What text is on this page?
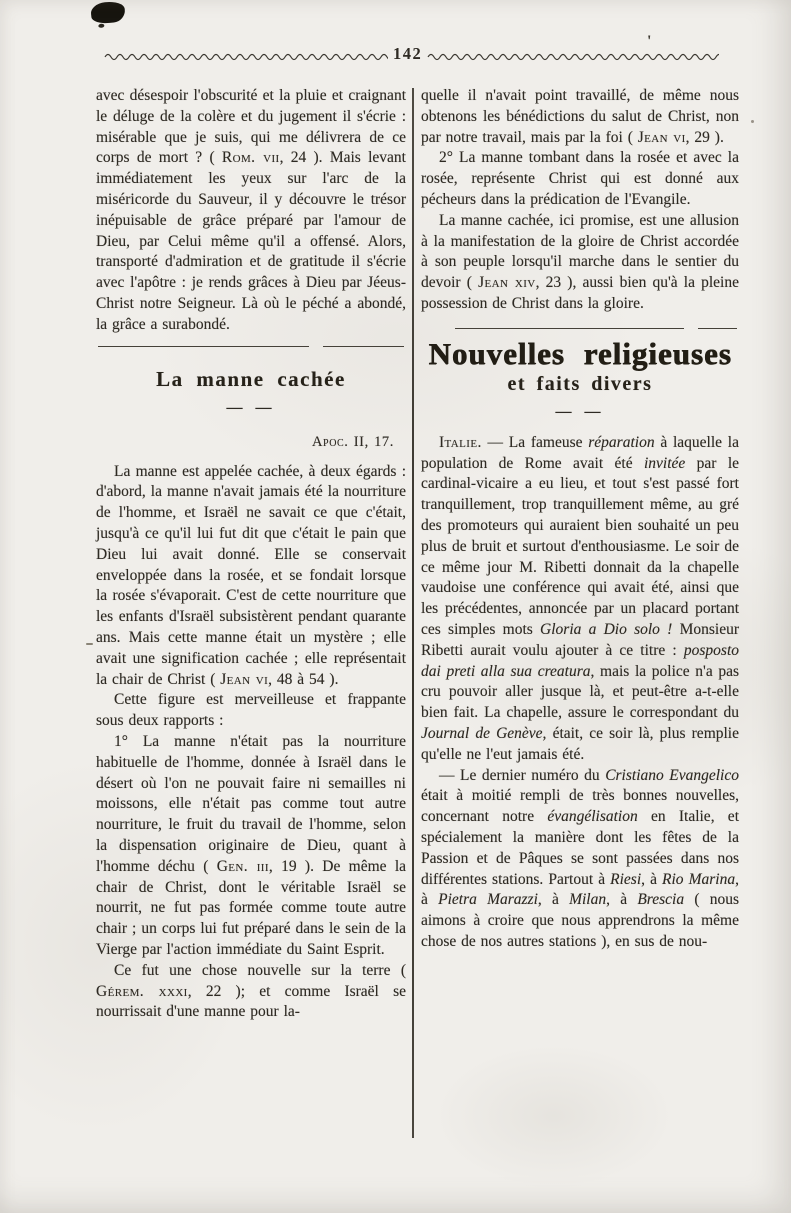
142
'

avec désespoir l'obscurité et la pluie et craignant le déluge de la colère et du jugement il s'écrie : misérable que je suis, qui me délivrera de ce corps de mort ? ( Rom. vii, 24 ). Mais levant immédiatement les yeux sur l'arc de la miséricorde du Sauveur, il y découvre le trésor inépuisable de grâce préparé par l'amour de Dieu, par Celui même qu'il a offensé. Alors, transporté d'admiration et de gratitude il s'écrie avec l'apôtre : je rends grâces à Dieu par Jéeus-Christ notre Seigneur. Là où le péché a abondé, la grâce a surabondé.

La manne cachée
— —
Apoc. II, 17.

La manne est appelée cachée, à deux égards : d'abord, la manne n'avait jamais été la nourriture de l'homme, et Israël ne savait ce que c'était, jusqu'à ce qu'il lui fut dit que c'était le pain que Dieu lui avait donné. Elle se conservait enveloppée dans la rosée, et se fondait lorsque la rosée s'évaporait. C'est de cette nourriture que les enfants d'Israël subsistèrent pendant quarante ans. Mais cette manne était un mystère ; elle avait une signification cachée ; elle représentait la chair de Christ ( Jean vi, 48 à 54 ).

Cette figure est merveilleuse et frappante sous deux rapports :

1° La manne n'était pas la nourriture habituelle de l'homme, donnée à Israël dans le désert où l'on ne pouvait faire ni semailles ni moissons, elle n'était pas comme tout autre nourriture, le fruit du travail de l'homme, selon la dispensation originaire de Dieu, quant à l'homme déchu ( Gen. iii, 19 ). De même la chair de Christ, dont le véritable Israël se nourrit, ne fut pas formée comme toute autre chair ; un corps lui fut préparé dans le sein de la Vierge par l'action immédiate du Saint Esprit.

Ce fut une chose nouvelle sur la terre ( Gérem. xxxi, 22 ); et comme Israël se nourrissait d'une manne pour la-

quelle il n'avait point travaillé, de même nous obtenons les bénédictions du salut de Christ, non par notre travail, mais par la foi ( Jean vi, 29 ).

2° La manne tombant dans la rosée et avec la rosée, représente Christ qui est donné aux pécheurs dans la prédication de l'Evangile.

La manne cachée, ici promise, est une allusion à la manifestation de la gloire de Christ accordée à son peuple lorsqu'il marche dans le sentier du devoir ( Jean xiv, 23 ), aussi bien qu'à la pleine possession de Christ dans la gloire.

Nouvelles religieuses
et faits divers
— —

Italie. — La fameuse réparation à laquelle la population de Rome avait été invitée par le cardinal-vicaire a eu lieu, et tout s'est passé fort tranquillement, trop tranquillement même, au gré des promoteurs qui auraient bien souhaité un peu plus de bruit et surtout d'enthousiasme. Le soir de ce même jour M. Ribetti donnait da la chapelle vaudoise une conférence qui avait été, ainsi que les précédentes, annoncée par un placard portant ces simples mots Gloria a Dio solo ! Monsieur Ribetti aurait voulu ajouter à ce titre : posposto dai preti alla sua creatura, mais la police n'a pas cru pouvoir aller jusque là, et peut-être a-t-elle bien fait. La chapelle, assure le correspondant du Journal de Genève, était, ce soir là, plus remplie qu'elle ne l'eut jamais été.

— Le dernier numéro du Cristiano Evangelico était à moitié rempli de très bonnes nouvelles, concernant notre évangélisation en Italie, et spécialement la manière dont les fêtes de la Passion et de Pâques se sont passées dans nos différentes stations. Partout à Riesi, à Rio Marina, à Pietra Marazzi, à Milan, à Brescia ( nous aimons à croire que nous apprendrons la même chose de nos autres stations ), en sus de nou-
